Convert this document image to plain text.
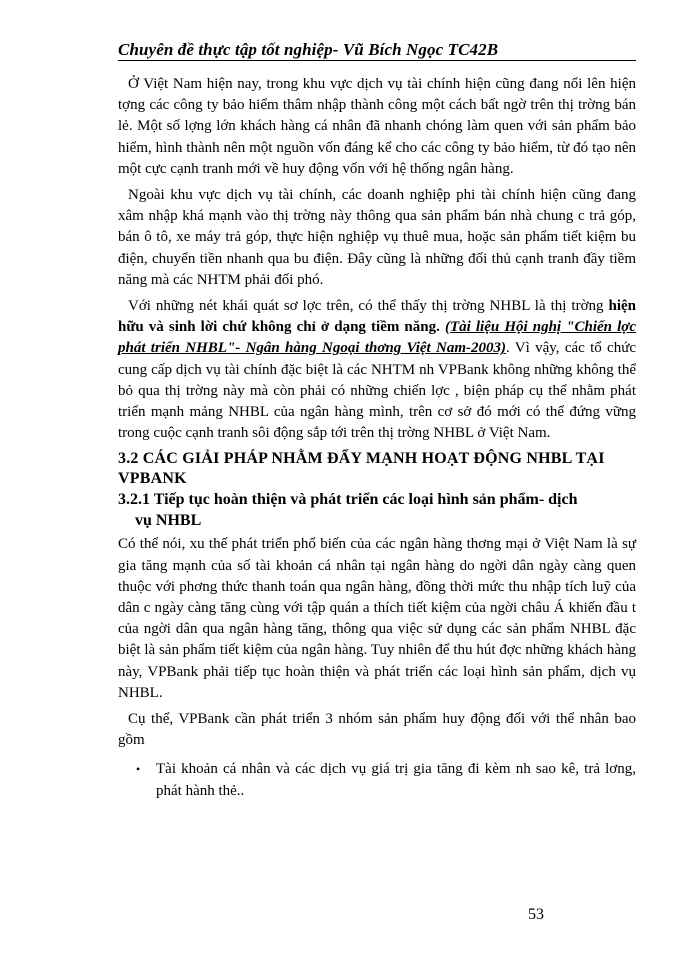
Chuyên đề thực tập tốt nghiệp- Vũ Bích Ngọc TC42B

Ở Việt Nam hiện nay, trong khu vực dịch vụ tài chính hiện cũng đang nổi lên hiện tợng các công ty bảo hiểm thâm nhập thành công một cách bất ngờ trên thị trờng bán lẻ. Một số lợng lớn khách hàng cá nhân đã nhanh chóng làm quen với sản phẩm bảo hiểm, hình thành nên một nguồn vốn đáng kể cho các công ty bảo hiểm, từ đó tạo nên một cực cạnh tranh mới về huy động vốn với hệ thống ngân hàng.

Ngoài khu vực dịch vụ tài chính, các doanh nghiệp phi tài chính hiện cũng đang xâm nhập khá mạnh vào thị trờng này thông qua sản phẩm bán nhà chung c trả góp, bán ô tô, xe máy trả góp, thực hiện nghiệp vụ thuê mua, hoặc sản phẩm tiết kiệm bu điện, chuyển tiền nhanh qua bu điện. Đây cũng là những đối thủ cạnh tranh đầy tiềm năng mà các NHTM phải đối phó.

Với những nét khái quát sơ lợc trên, có thể thấy thị trờng NHBL là thị trờng hiện hữu và sinh lời chứ không chỉ ở dạng tiềm năng. (Tài liệu Hội nghị "Chiến lợc phát triển NHBL"- Ngân hàng Ngoại thơng Việt Nam-2003). Vì vậy, các tổ chức cung cấp dịch vụ tài chính đặc biệt là các NHTM nh VPBank không những không thể bỏ qua thị trờng này mà còn phải có những chiến lợc , biện pháp cụ thể nhằm phát triển mạnh mảng NHBL của ngân hàng mình, trên cơ sở đó mới có thể đứng vững trong cuộc cạnh tranh sôi động sắp tới trên thị trờng NHBL ở Việt Nam.

3.2 CÁC GIẢI PHÁP NHẰM ĐẨY MẠNH HOẠT ĐỘNG NHBL TẠI VPBANK
3.2.1 Tiếp tục hoàn thiện và phát triển các loại hình sản phẩm- dịch
vụ NHBL

Có thể nói, xu thế phát triển phổ biến của các ngân hàng thơng mại ở Việt Nam là sự gia tăng mạnh của số tài khoản cá nhân tại ngân hàng do ngời dân ngày càng quen thuộc với phơng thức thanh toán qua ngân hàng, đồng thời mức thu nhập tích luỹ của dân c ngày càng tăng cùng với tập quán a thích tiết kiệm của ngời châu Á khiến đầu t của ngời dân qua ngân hàng tăng, thông qua việc sử dụng các sản phẩm NHBL đặc biệt là sản phẩm tiết kiệm của ngân hàng. Tuy nhiên để thu hút đợc những khách hàng này, VPBank phải tiếp tục hoàn thiện và phát triển các loại hình sản phẩm, dịch vụ NHBL.

Cụ thể, VPBank cần phát triển 3 nhóm sản phẩm huy động đối với thể nhân bao gồm

• Tài khoản cá nhân và các dịch vụ giá trị gia tăng đi kèm nh sao kê, trả lơng, phát hành thẻ..
53
